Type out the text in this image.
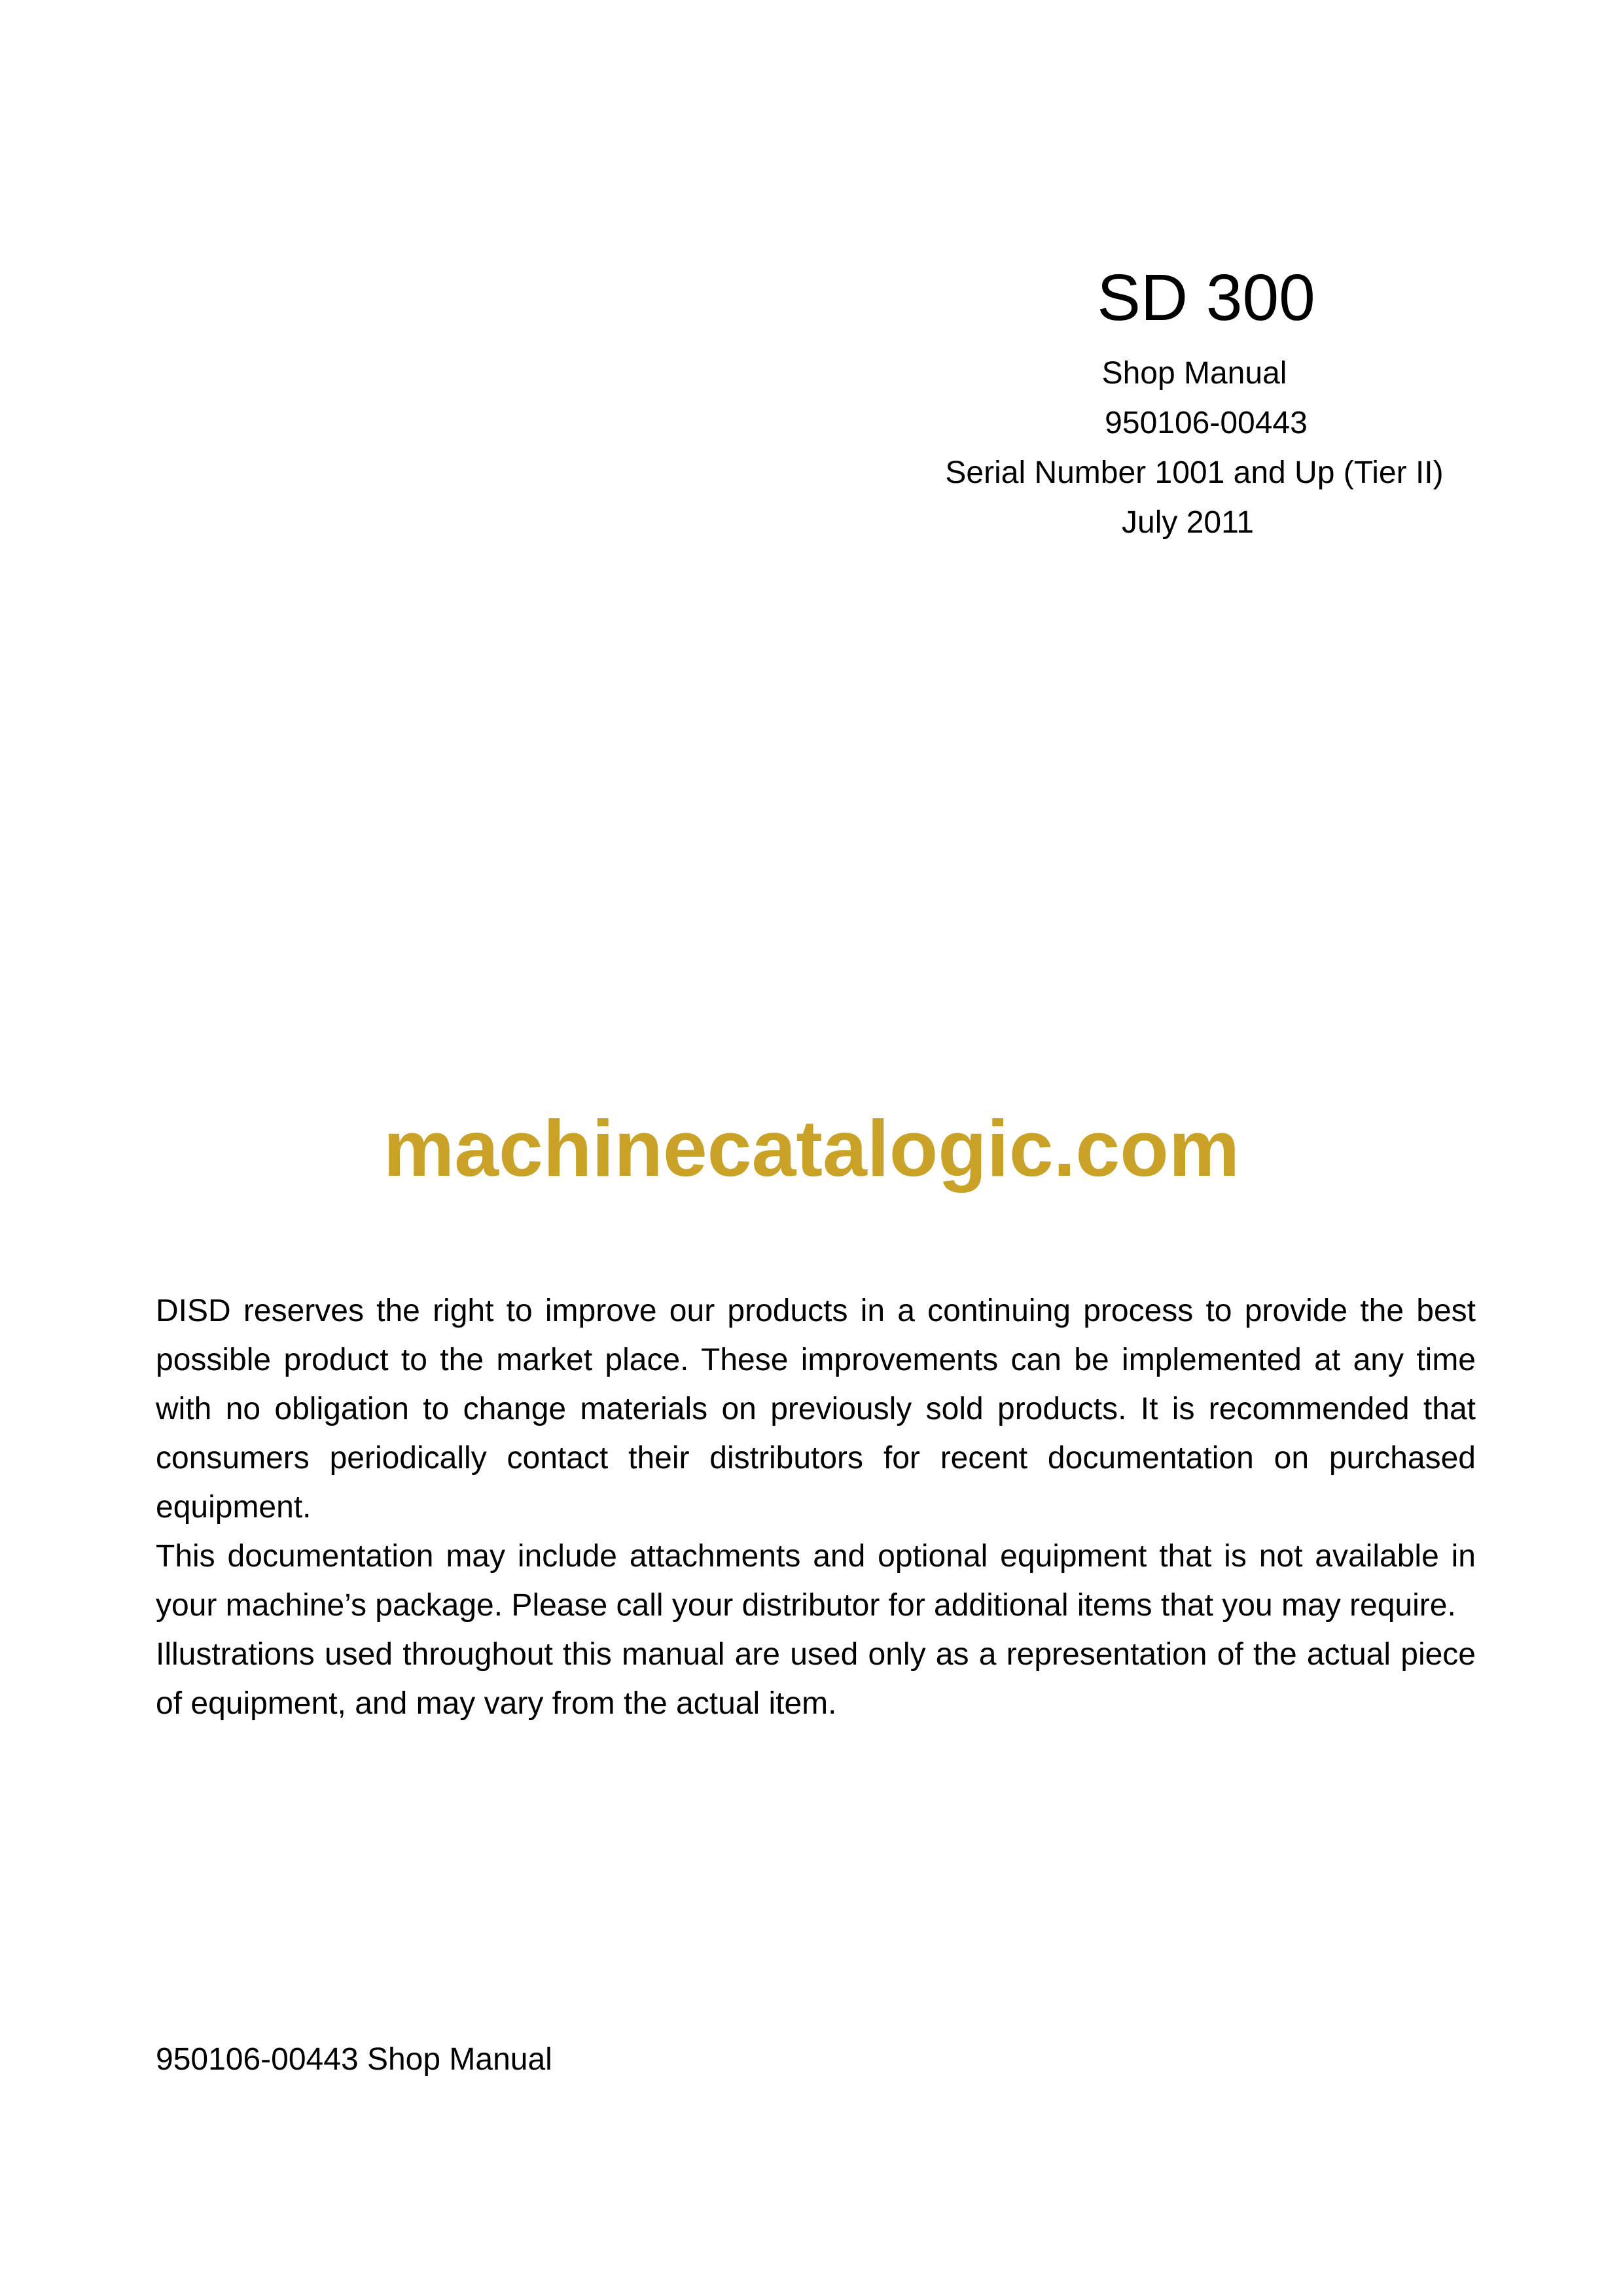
SD 300

Shop Manual

950106-00443

Serial Number 1001 and Up (Tier II)

July 2011

machinecatalogic.com

DISD reserves the right to improve our products in a continuing process to provide the best possible product to the market place. These improvements can be implemented at any time with no obligation to change materials on previously sold products. It is recommended that consumers periodically contact their distributors for recent documentation on purchased equipment.

This documentation may include attachments and optional equipment that is not available in your machine’s package. Please call your distributor for additional items that you may require.

Illustrations used throughout this manual are used only as a representation of the actual piece of equipment, and may vary from the actual item.

950106-00443 Shop Manual
